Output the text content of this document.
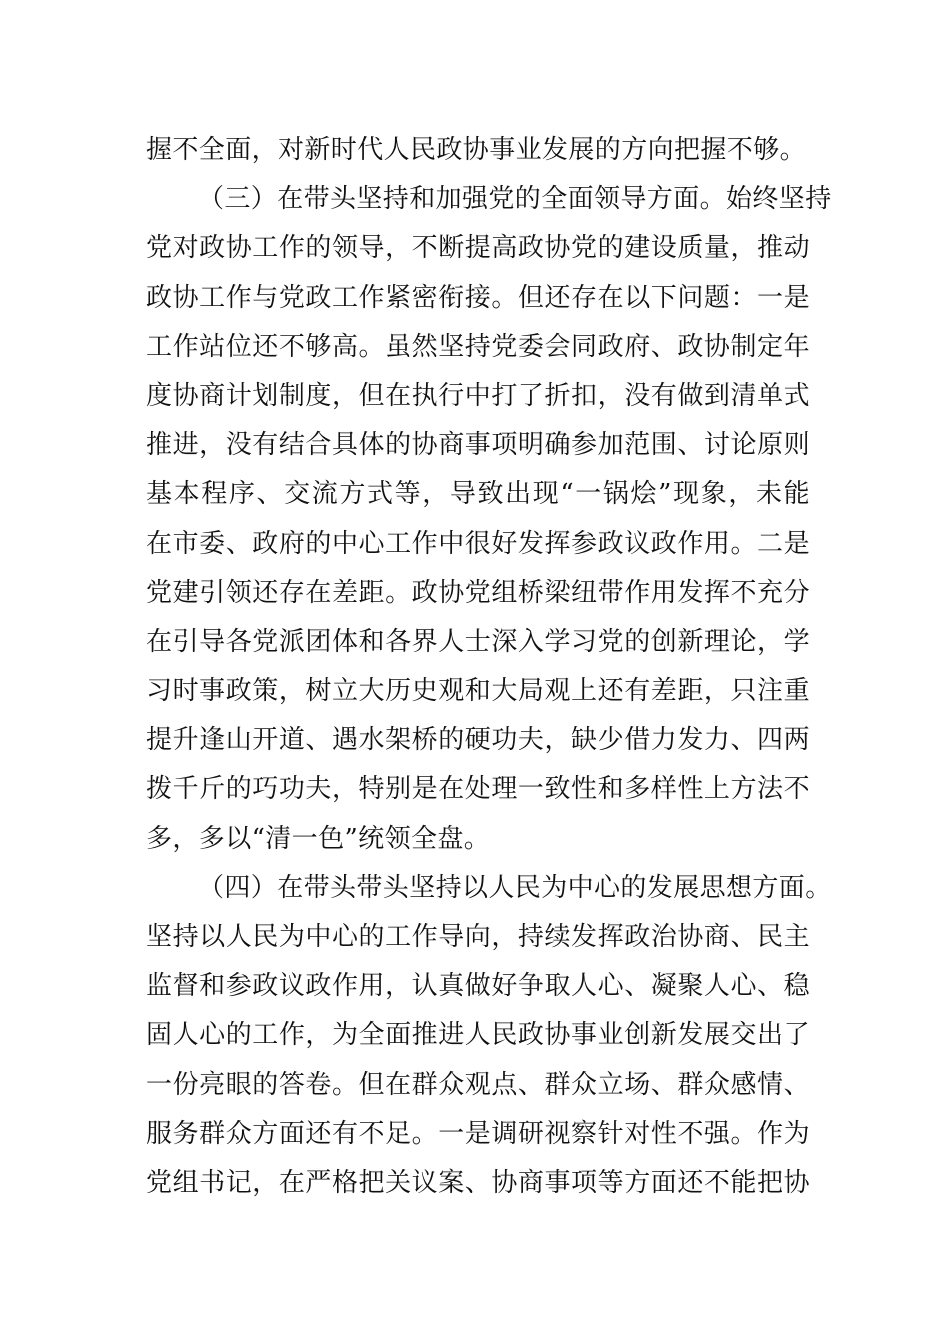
握不全面，对新时代人民政协事业发展的方向把握不够。
（三）在带头坚持和加强党的全面领导方面。始终坚持
党对政协工作的领导，不断提高政协党的建设质量，推动
政协工作与党政工作紧密衔接。但还存在以下问题：一是
工作站位还不够高。虽然坚持党委会同政府、政协制定年
度协商计划制度，但在执行中打了折扣，没有做到清单式
推进，没有结合具体的协商事项明确参加范围、讨论原则
基本程序、交流方式等，导致出现“一锅烩”现象，未能
在市委、政府的中心工作中很好发挥参政议政作用。二是
党建引领还存在差距。政协党组桥梁纽带作用发挥不充分
在引导各党派团体和各界人士深入学习党的创新理论，学
习时事政策，树立大历史观和大局观上还有差距，只注重
提升逢山开道、遇水架桥的硬功夫，缺少借力发力、四两
拨千斤的巧功夫，特别是在处理一致性和多样性上方法不
多，多以“清一色”统领全盘。
（四）在带头带头坚持以人民为中心的发展思想方面。
坚持以人民为中心的工作导向，持续发挥政治协商、民主
监督和参政议政作用，认真做好争取人心、凝聚人心、稳
固人心的工作，为全面推进人民政协事业创新发展交出了
一份亮眼的答卷。但在群众观点、群众立场、群众感情、
服务群众方面还有不足。一是调研视察针对性不强。作为
党组书记，在严格把关议案、协商事项等方面还不能把协
